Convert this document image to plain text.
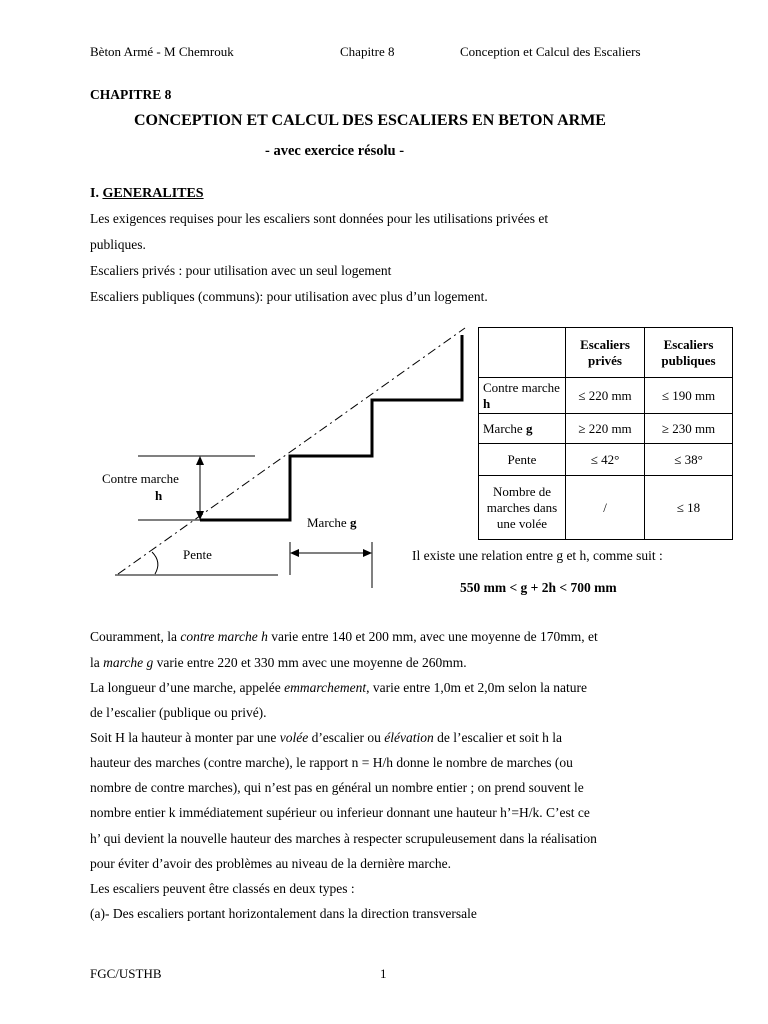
Bèton Armé - M Chemrouk	Chapitre 8	Conception et Calcul des Escaliers
CHAPITRE 8
CONCEPTION ET CALCUL DES ESCALIERS EN BETON ARME
- avec exercice résolu -
I. GENERALITES
Les exigences requises pour les escaliers sont données pour les utilisations privées et
publiques.
Escaliers privés : pour utilisation avec un seul logement
Escaliers publiques (communs): pour utilisation avec plus d’un logement.
Contre marche
h
Marche g
Pente
	Escaliers privés	Escaliers publiques
Contre marche h	≤ 220 mm	≤ 190 mm
Marche g	≥ 220 mm	≥ 230 mm
Pente	≤ 42°	≤ 38°
Nombre de marches dans une volée	/	≤ 18
Il existe une relation entre g et h, comme suit :
550 mm < g + 2h < 700 mm
Couramment, la contre marche h varie entre 140 et 200 mm, avec une moyenne de 170mm, et
la marche g varie entre 220 et 330 mm avec une moyenne de 260mm.
La longueur d’une marche, appelée emmarchement, varie entre 1,0m et 2,0m selon la nature
de l’escalier (publique ou privé).
Soit H la hauteur à monter par une volée d’escalier ou élévation de l’escalier et soit h la
hauteur des marches (contre marche), le rapport n = H/h donne le nombre de marches (ou
nombre de contre marches), qui n’est pas en général un nombre entier ; on prend souvent le
nombre entier k immédiatement supérieur ou inferieur donnant une hauteur h’=H/k. C’est ce
h’ qui devient la nouvelle hauteur des marches à respecter scrupuleusement dans la réalisation
pour éviter d’avoir des problèmes au niveau de la dernière marche.
Les escaliers peuvent être classés en deux types :
(a)- Des escaliers portant horizontalement dans la direction transversale
FGC/USTHB	1
